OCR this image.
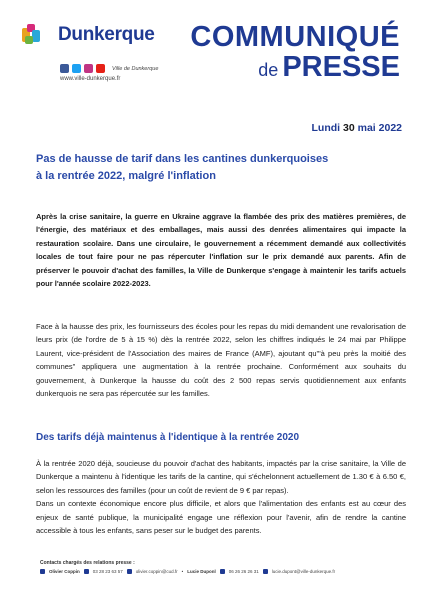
Dunkerque
Ville de Dunkerque
www.ville-dunkerque.fr
COMMUNIQUÉ
de PRESSE
Lundi 30 mai 2022
Pas de hausse de tarif dans les cantines dunkerquoises
à la rentrée 2022, malgré l'inflation

Après la crise sanitaire, la guerre en Ukraine aggrave la flambée des prix des matières premières, de l'énergie, des matériaux et des emballages, mais aussi des denrées alimentaires qui impacte la restauration scolaire. Dans une circulaire, le gouvernement a récemment demandé aux collectivités locales de tout faire pour ne pas répercuter l'inflation sur le prix demandé aux parents. Afin de préserver le pouvoir d'achat des familles, la Ville de Dunkerque s'engage à maintenir les tarifs actuels pour l'année scolaire 2022-2023.

Face à la hausse des prix, les fournisseurs des écoles pour les repas du midi demandent une revalorisation de leurs prix (de l'ordre de 5 à 15 %) dès la rentrée 2022, selon les chiffres indiqués le 24 mai par Philippe Laurent, vice-président de l'Association des maires de France (AMF), ajoutant qu'"à peu près la moitié des communes" appliquera une augmentation à la rentrée prochaine. Conformément aux souhaits du gouvernement, à Dunkerque la hausse du coût des 2 500 repas servis quotidiennement aux enfants dunkerquois ne sera pas répercutée sur les familles.

Des tarifs déjà maintenus à l'identique à la rentrée 2020

À la rentrée 2020 déjà, soucieuse du pouvoir d'achat des habitants, impactés par la crise sanitaire, la Ville de Dunkerque a maintenu à l'identique les tarifs de la cantine, qui s'échelonnent actuellement de 1.30 € à 6.50 €, selon les ressources des familles (pour un coût de revient de 9 € par repas).

Dans un contexte économique encore plus difficile, et alors que l'alimentation des enfants est au cœur des enjeux de santé publique, la municipalité engage une réflexion pour l'avenir, afin de rendre la cantine accessible à tous les enfants, sans peser sur le budget des parents.

Contacts chargés des relations presse :
Olivier Coppin	03 28 23 63 57	olivier.coppin@cud.fr • Lucie Duponl	06 26 26 26 31	lucie.dupont@ville-dunkerque.fr
